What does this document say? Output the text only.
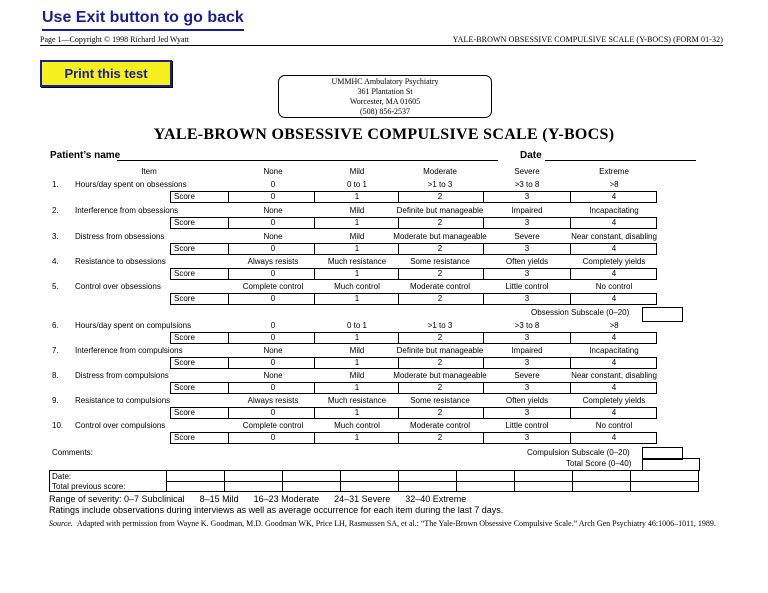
Use Exit button to go back
Page 1—Copyright © 1998 Richard Jed Wyatt	YALE-BROWN OBSESSIVE COMPULSIVE SCALE (Y-BOCS) (FORM 01-32)
Print this test
UMMHC Ambulatory Psychiatry
361 Plantation St
Worcester, MA 01605
(508) 856-2537
YALE-BROWN OBSESSIVE COMPULSIVE SCALE (Y-BOCS)
Patient’s name	Date
Item	None	Mild	Moderate	Severe	Extreme
1. Hours/day spent on obsessions	0	0 to 1	>1 to 3	>3 to 8	>8
Score	0	1	2	3	4
2. Interference from obsessions	None	Mild	Definite but manageable	Impaired	Incapacitating
Score	0	1	2	3	4
3. Distress from obsessions	None	Mild	Moderate but manageable	Severe	Near constant, disabling
Score	0	1	2	3	4
4. Resistance to obsessions	Always resists	Much resistance	Some resistance	Often yields	Completely yields
Score	0	1	2	3	4
5. Control over obsessions	Complete control	Much control	Moderate control	Little control	No control
Score	0	1	2	3	4
6. Hours/day spent on compulsions	0	0 to 1	>1 to 3	>3 to 8	>8
Score	0	1	2	3	4
7. Interference from compulsions	None	Mild	Definite but manageable	Impaired	Incapacitating
Score	0	1	2	3	4
8. Distress from compulsions	None	Mild	Moderate but manageable	Severe	Near constant, disabling
Score	0	1	2	3	4
9. Resistance to compulsions	Always resists	Much resistance	Some resistance	Often yields	Completely yields
Score	0	1	2	3	4
10. Control over compulsions	Complete control	Much control	Moderate control	Little control	No control
Score	0	1	2	3	4
Obsession Subscale (0–20)
Comments:	Compulsion Subscale (0–20)
Total Score (0–40)
Date:
Total previous score:
Range of severity: 0–7 Subclinical      8–15 Mild      16–23 Moderate      24–31 Severe      32–40 Extreme
Ratings include observations during interviews as well as average occurrence for each item during the last 7 days.
Source. Adapted with permission from Wayne K. Goodman, M.D. Goodman WK, Price LH, Rasmussen SA, et al.: “The Yale-Brown Obsessive Compulsive Scale.” Arch Gen Psychiatry 46:1006–1011, 1989.
